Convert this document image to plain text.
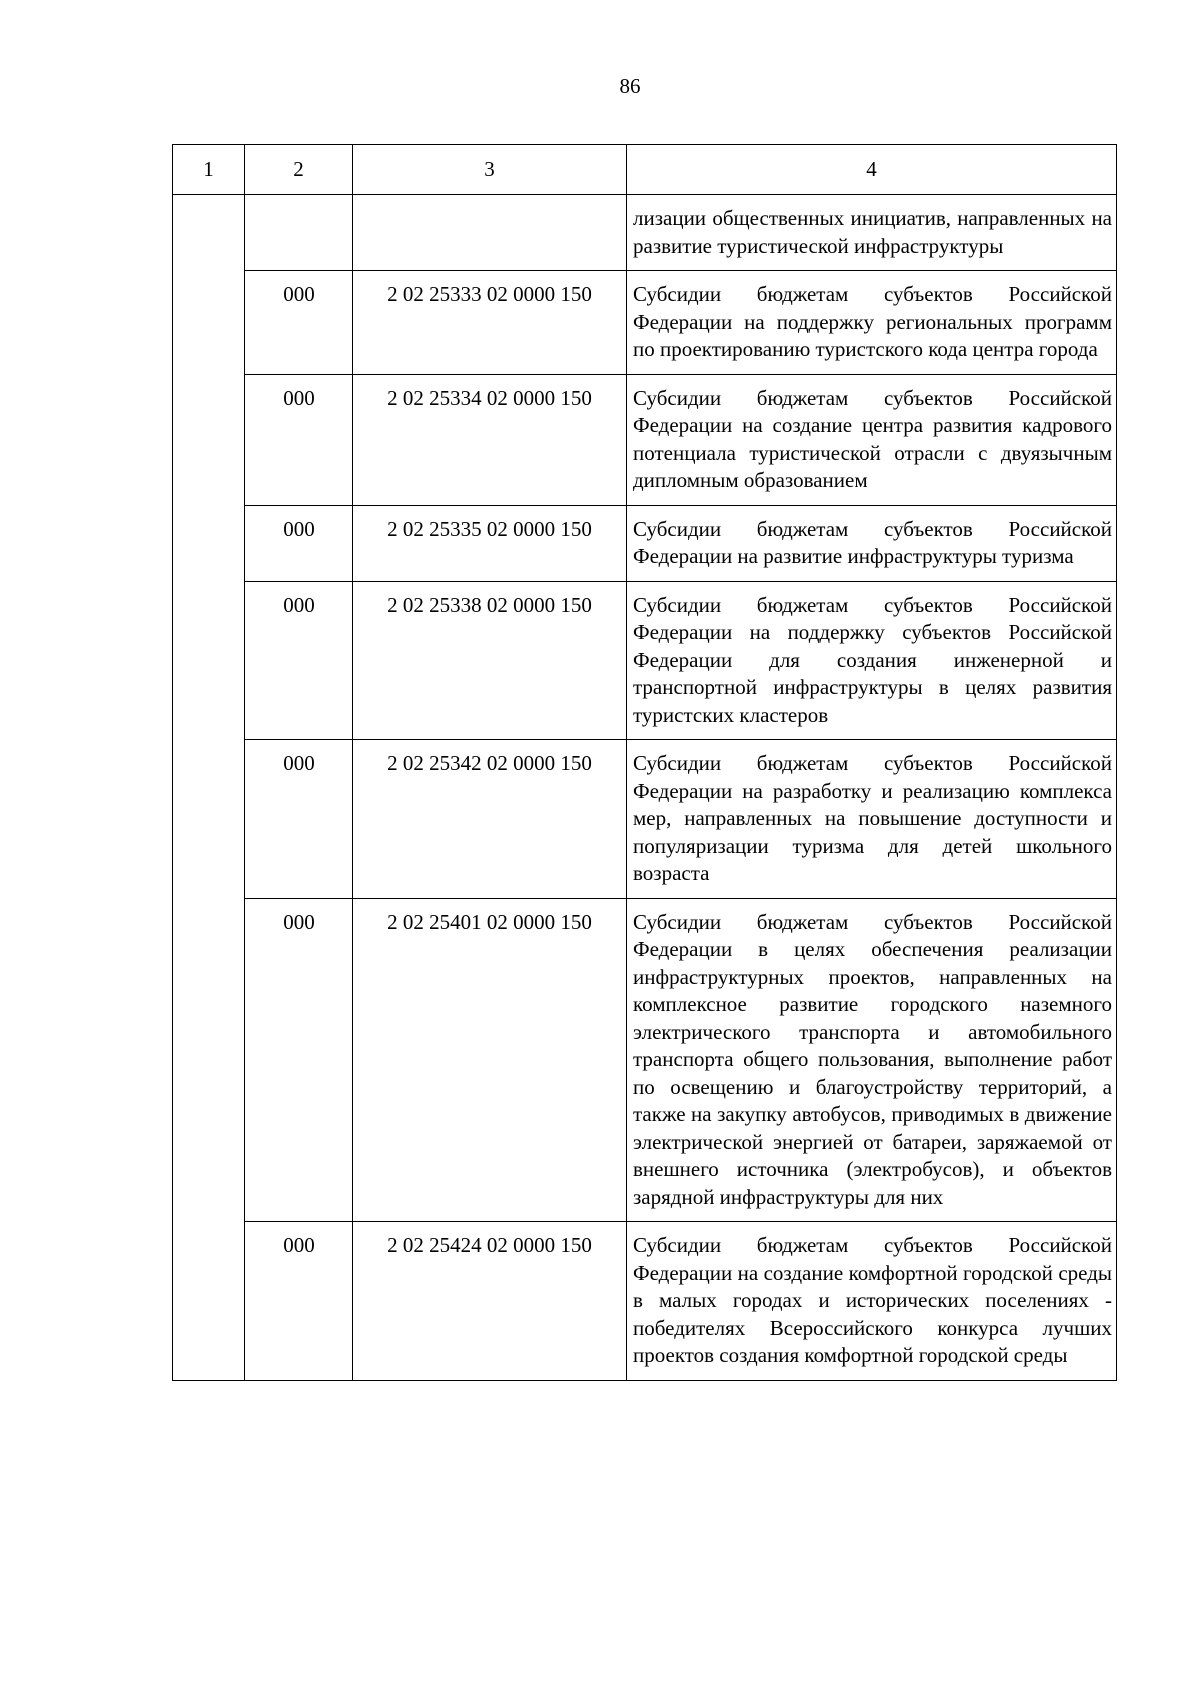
86
1	2	3	4
			лизации общественных инициатив, направленных на развитие туристической инфраструктуры
	000	2 02 25333 02 0000 150	Субсидии бюджетам субъектов Российской Федерации на поддержку региональных программ по проектированию туристского кода центра города
	000	2 02 25334 02 0000 150	Субсидии бюджетам субъектов Российской Федерации на создание центра развития кадрового потенциала туристической отрасли с двуязычным дипломным образованием
	000	2 02 25335 02 0000 150	Субсидии бюджетам субъектов Российской Федерации на развитие инфраструктуры туризма
	000	2 02 25338 02 0000 150	Субсидии бюджетам субъектов Российской Федерации на поддержку субъектов Российской Федерации для создания инженерной и транспортной инфраструктуры в целях развития туристских кластеров
	000	2 02 25342 02 0000 150	Субсидии бюджетам субъектов Российской Федерации на разработку и реализацию комплекса мер, направленных на повышение доступности и популяризации туризма для детей школьного возраста
	000	2 02 25401 02 0000 150	Субсидии бюджетам субъектов Российской Федерации в целях обеспечения реализации инфраструктурных проектов, направленных на комплексное развитие городского наземного электрического транспорта и автомобильного транспорта общего пользования, выполнение работ по освещению и благоустройству территорий, а также на закупку автобусов, приводимых в движение электрической энергией от батареи, заряжаемой от внешнего источника (электробусов), и объектов зарядной инфраструктуры для них
	000	2 02 25424 02 0000 150	Субсидии бюджетам субъектов Российской Федерации на создание комфортной городской среды в малых городах и исторических поселениях - победителях Всероссийского конкурса лучших проектов создания комфортной городской среды
